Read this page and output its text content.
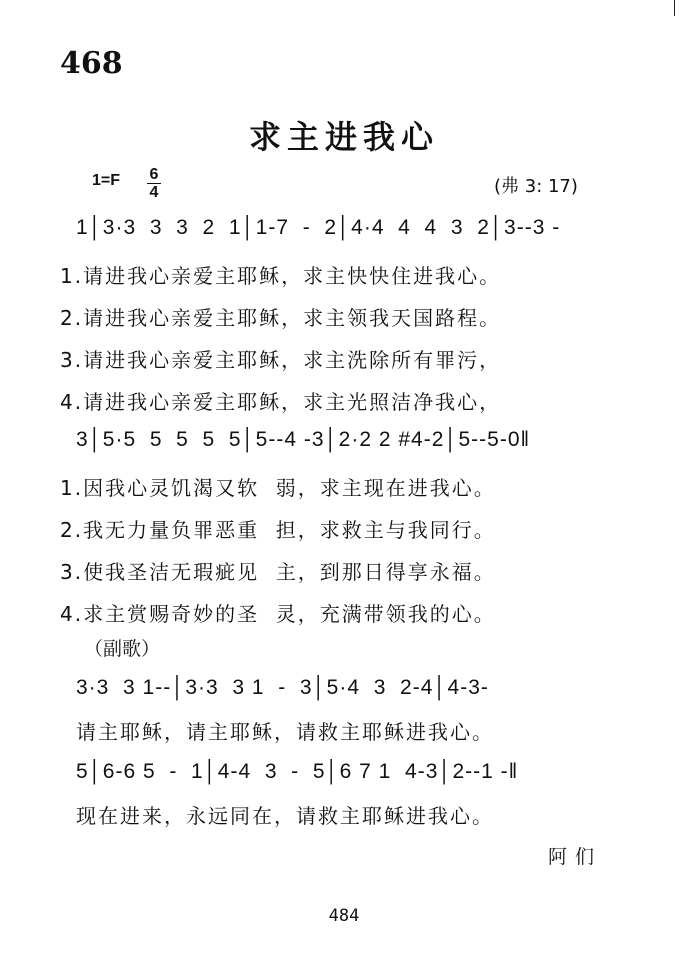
468
求主进我心
1=F 6
4	(弗 3: 17)
1│3·3  3  3  2  1│1-7  -  2│4·4  4  4  3  2│3--3 -
1.请进我心亲爱主耶稣，求主快快住进我心。
2.请进我心亲爱主耶稣，求主领我天国路程。
3.请进我心亲爱主耶稣，求主洗除所有罪污，
4.请进我心亲爱主耶稣，求主光照洁净我心，
3│5·5  5  5  5  5│5--4 -3│2·2 2 #4-2│5--5-0‖
1.因我心灵饥渴又软  弱，求主现在进我心。
2.我无力量负罪恶重  担，求救主与我同行。
3.使我圣洁无瑕疵见  主，到那日得享永福。
4.求主赏赐奇妙的圣  灵，充满带领我的心。
（副歌）
3·3  3 1--│3·3  3 1  -  3│5·4  3  2-4│4-3-
请主耶稣，请主耶稣，请救主耶稣进我心。
5│6-6 5  -  1│4-4  3  -  5│6 7 1  4-3│2--1 -‖
现在进来，永远同在，请救主耶稣进我心。
阿们
484
